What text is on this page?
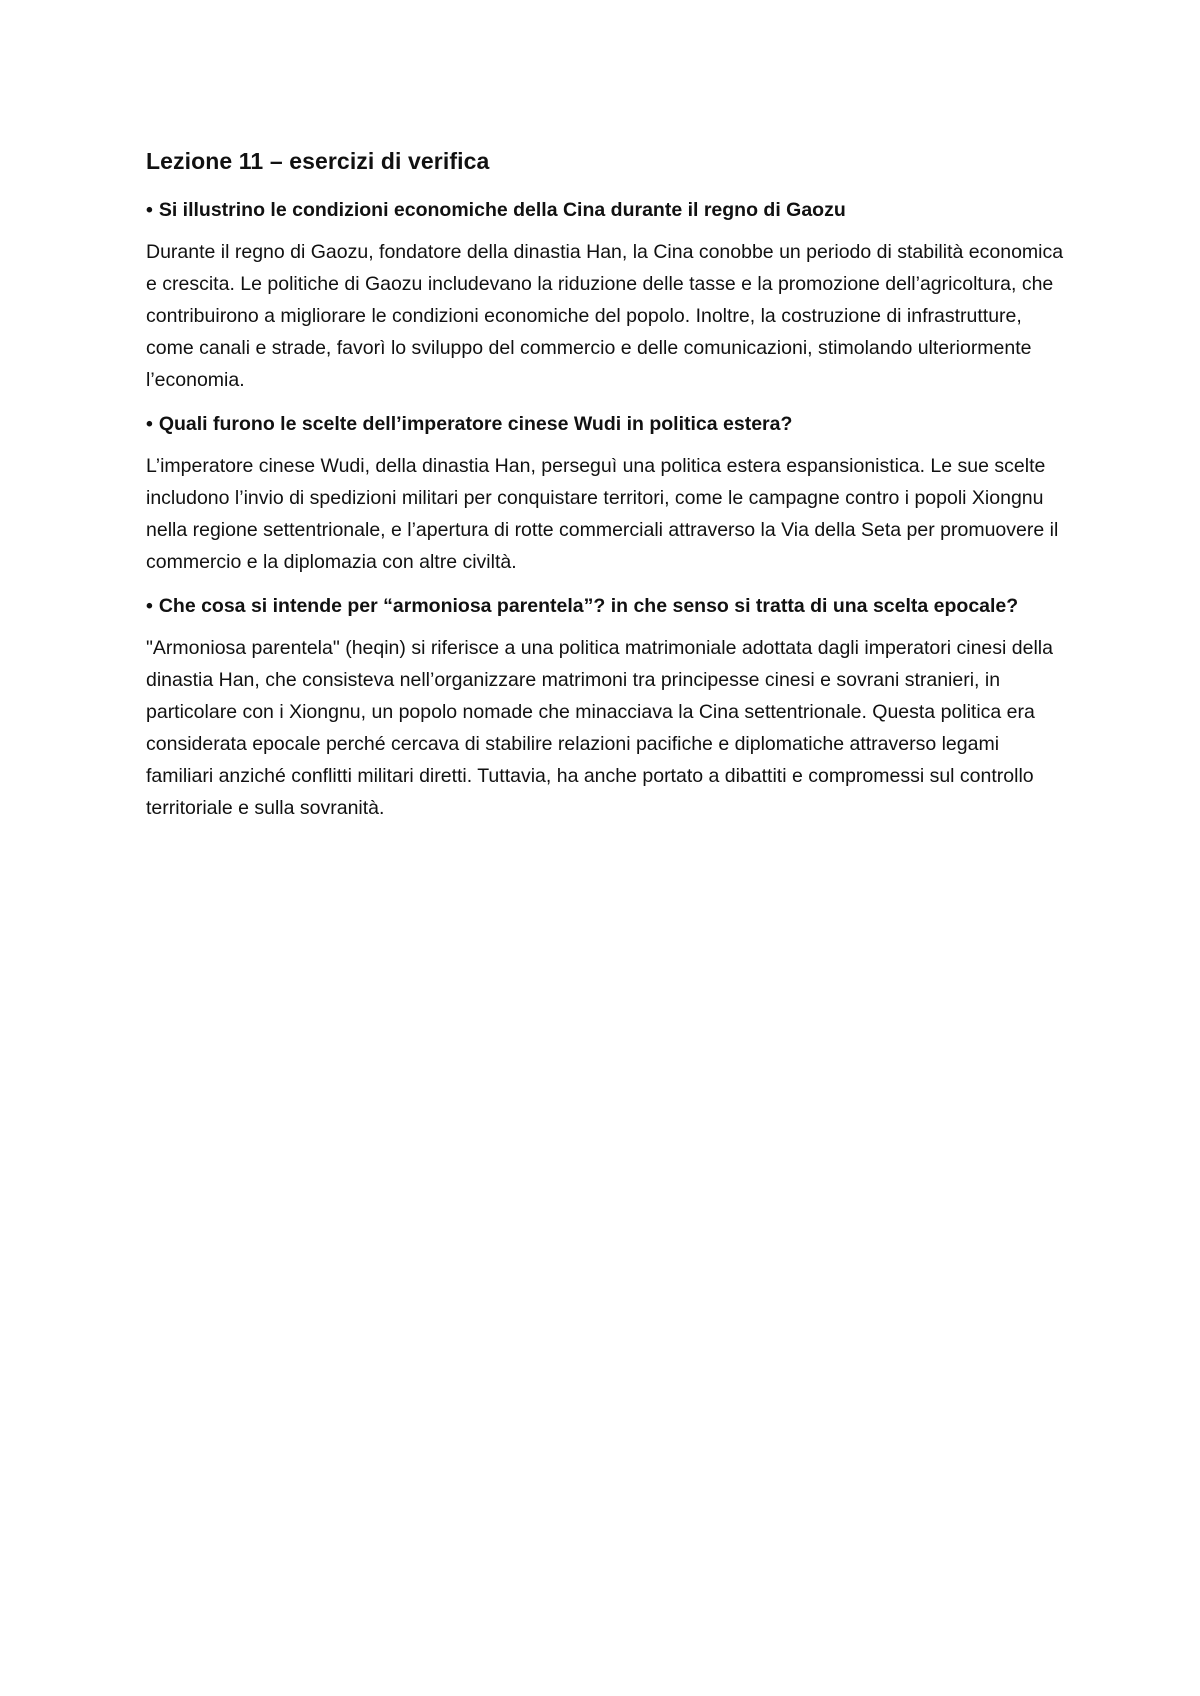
Lezione 11 – esercizi di verifica
• Si illustrino le condizioni economiche della Cina durante il regno di Gaozu

Durante il regno di Gaozu, fondatore della dinastia Han, la Cina conobbe un periodo di stabilità economica e crescita. Le politiche di Gaozu includevano la riduzione delle tasse e la promozione dell’agricoltura, che contribuirono a migliorare le condizioni economiche del popolo. Inoltre, la costruzione di infrastrutture, come canali e strade, favorì lo sviluppo del commercio e delle comunicazioni, stimolando ulteriormente l’economia.

• Quali furono le scelte dell’imperatore cinese Wudi in politica estera?

L’imperatore cinese Wudi, della dinastia Han, perseguì una politica estera espansionistica. Le sue scelte includono l’invio di spedizioni militari per conquistare territori, come le campagne contro i popoli Xiongnu nella regione settentrionale, e l’apertura di rotte commerciali attraverso la Via della Seta per promuovere il commercio e la diplomazia con altre civiltà.

• Che cosa si intende per “armoniosa parentela”? in che senso si tratta di una scelta epocale?

"Armoniosa parentela" (heqin) si riferisce a una politica matrimoniale adottata dagli imperatori cinesi della dinastia Han, che consisteva nell’organizzare matrimoni tra principesse cinesi e sovrani stranieri, in particolare con i Xiongnu, un popolo nomade che minacciava la Cina settentrionale. Questa politica era considerata epocale perché cercava di stabilire relazioni pacifiche e diplomatiche attraverso legami familiari anziché conflitti militari diretti. Tuttavia, ha anche portato a dibattiti e compromessi sul controllo territoriale e sulla sovranità.
